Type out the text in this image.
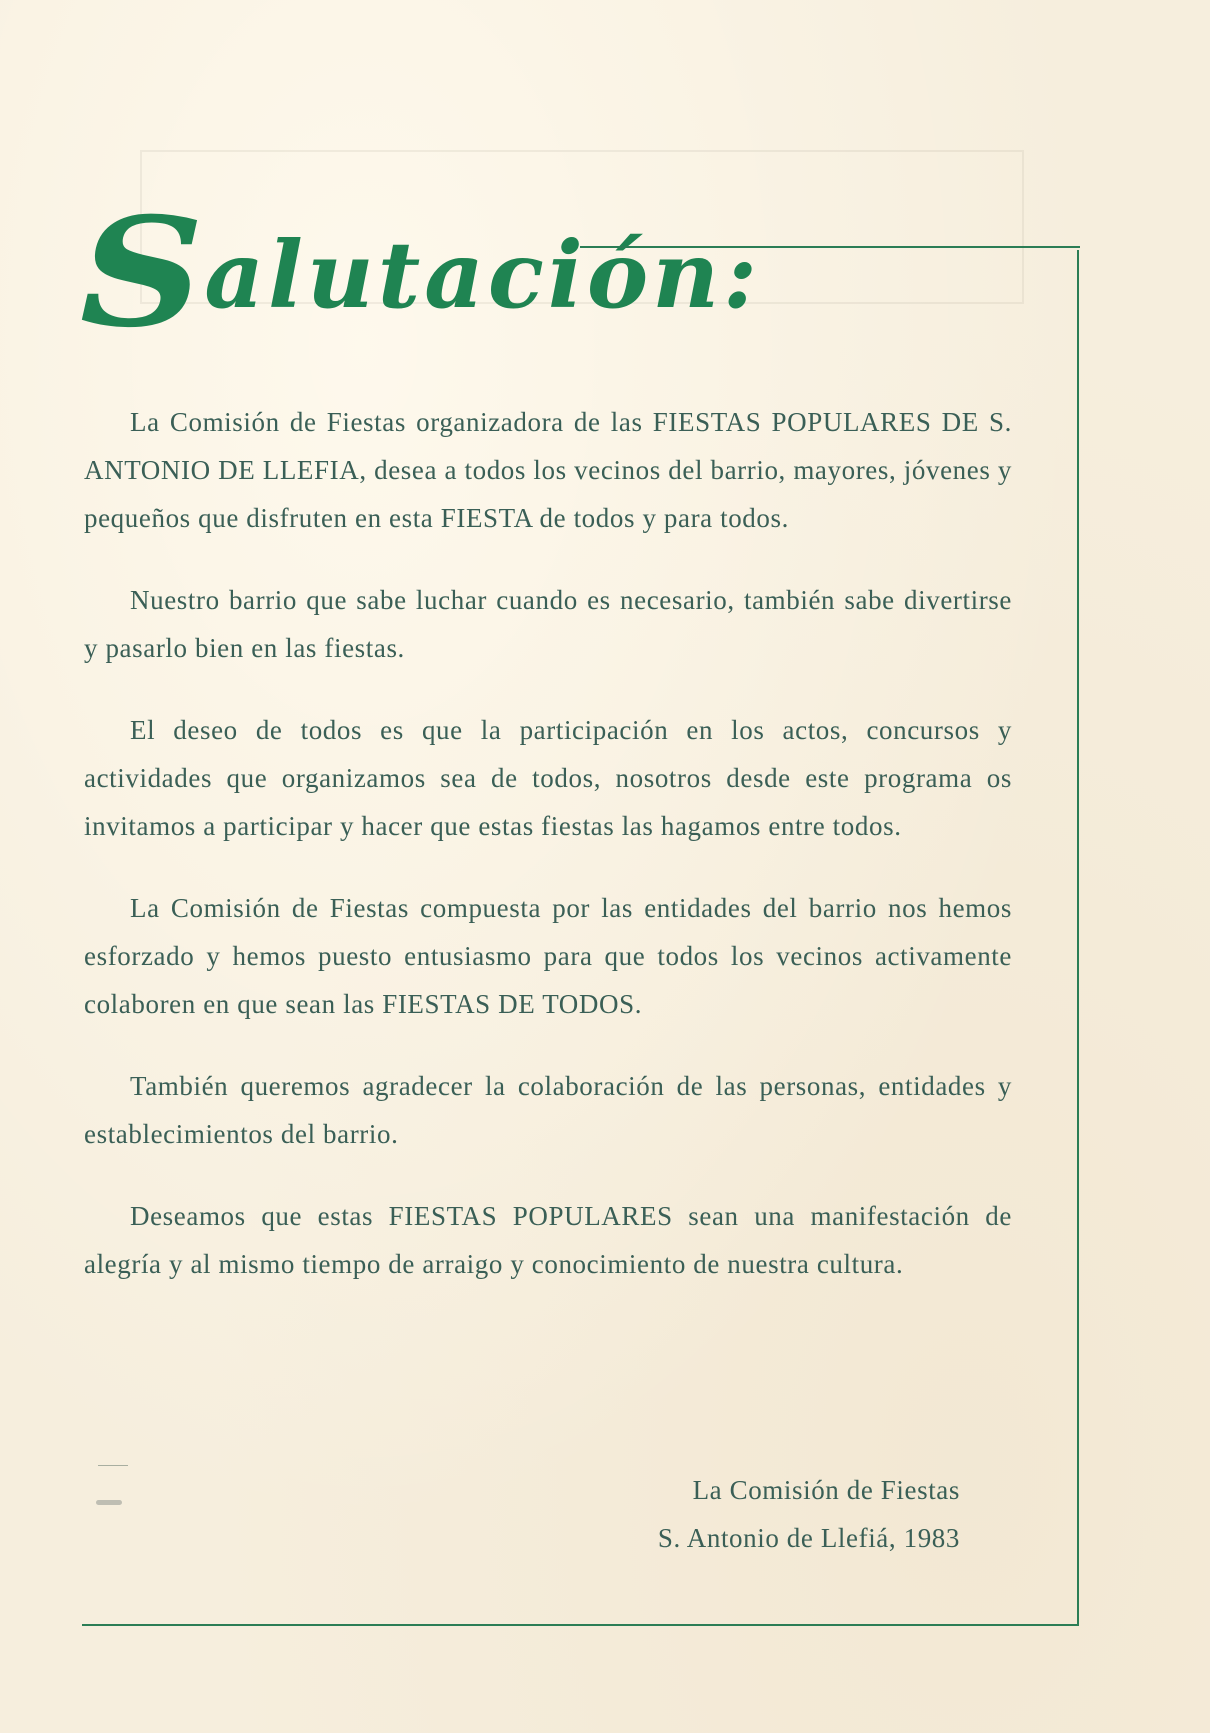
Salutación:

La Comisión de Fiestas organizadora de las FIESTAS POPULARES DE S. ANTONIO DE LLEFIA, desea a todos los vecinos del barrio, mayores, jóvenes y pequeños que disfruten en esta FIESTA de todos y para todos.

Nuestro barrio que sabe luchar cuando es necesario, también sabe divertirse y pasarlo bien en las fiestas.

El deseo de todos es que la participación en los actos, concursos y actividades que organizamos sea de todos, nosotros desde este programa os invitamos a participar y hacer que estas fiestas las hagamos entre todos.

La Comisión de Fiestas compuesta por las entidades del barrio nos hemos esforzado y hemos puesto entusiasmo para que todos los vecinos activamente colaboren en que sean las FIESTAS DE TODOS.

También queremos agradecer la colaboración de las personas, entidades y establecimientos del barrio.

Deseamos que estas FIESTAS POPULARES sean una manifestación de alegría y al mismo tiempo de arraigo y conocimiento de nuestra cultura.

La Comisión de Fiestas
S. Antonio de Llefiá, 1983
